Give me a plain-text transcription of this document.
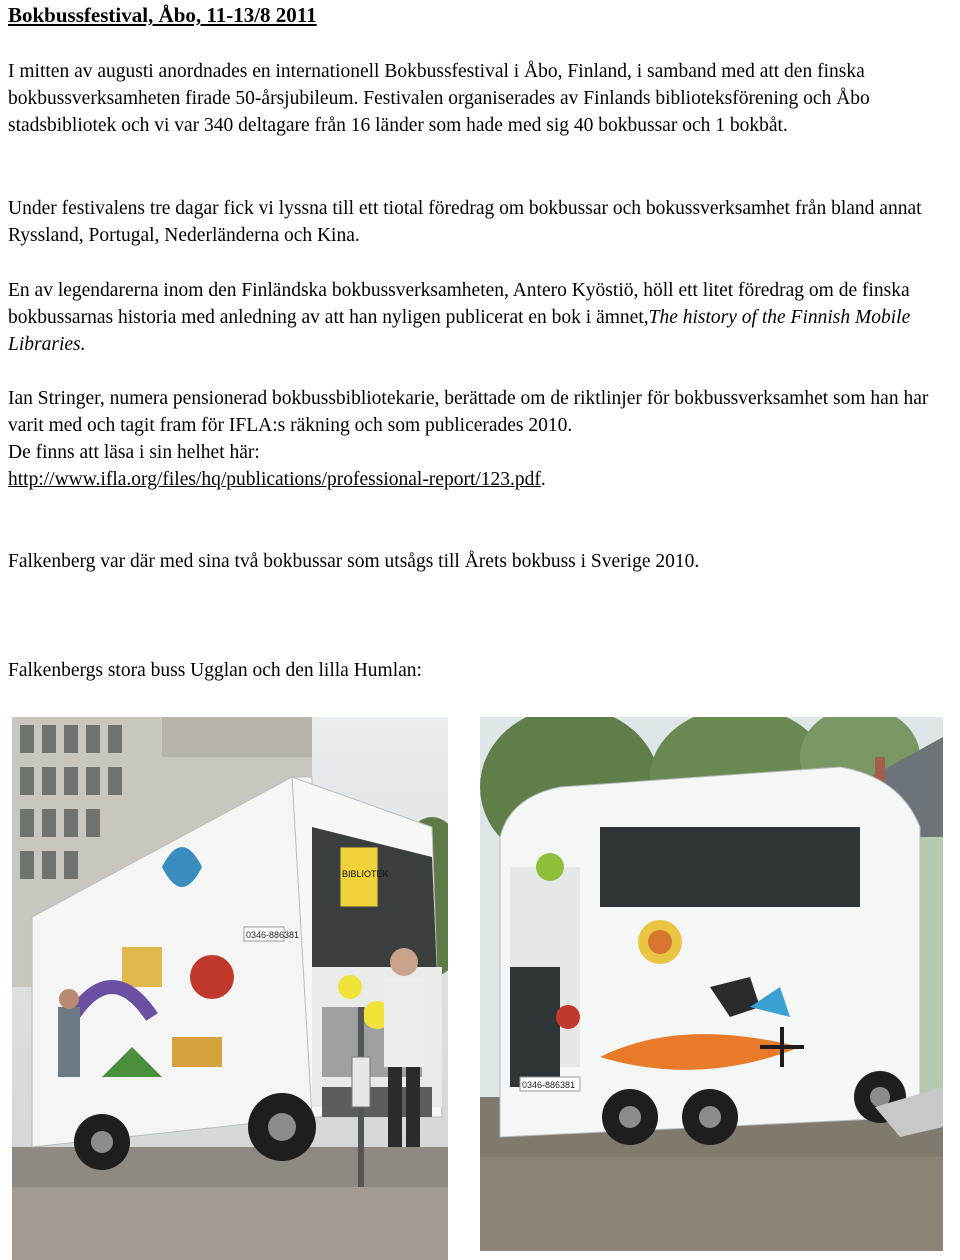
Bokbussfestival, Åbo, 11-13/8 2011

I mitten av augusti anordnades en internationell Bokbussfestival i Åbo, Finland, i samband med att den finska bokbussverksamheten firade 50-årsjubileum. Festivalen organiserades av Finlands biblioteksförening och Åbo stadsbibliotek och vi var 340 deltagare från 16 länder som hade med sig 40 bokbussar och 1 bokbåt.

Under festivalens tre dagar fick vi lyssna till ett tiotal föredrag om bokbussar och bokussverksamhet från bland annat Ryssland, Portugal, Nederländerna och Kina.

En av legendarerna inom den Finländska bokbussverksamheten, Antero Kyöstiö, höll ett litet föredrag om de finska bokbussarnas historia med anledning av att han nyligen publicerat en bok i ämnet,The history of the Finnish Mobile Libraries.

Ian Stringer, numera pensionerad bokbussbibliotekarie, berättade om de riktlinjer för bokbussverksamhet som han har varit med och tagit fram för IFLA:s räkning och som publicerades 2010.
De finns att läsa i sin helhet här:
http://www.ifla.org/files/hq/publications/professional-report/123.pdf.

Falkenberg var där med sina två bokbussar som utsågs till Årets bokbuss i Sverige 2010.

Falkenbergs stora buss Ugglan och den lilla Humlan:

0346-886381
BIBLIOTEK
0346-886381
